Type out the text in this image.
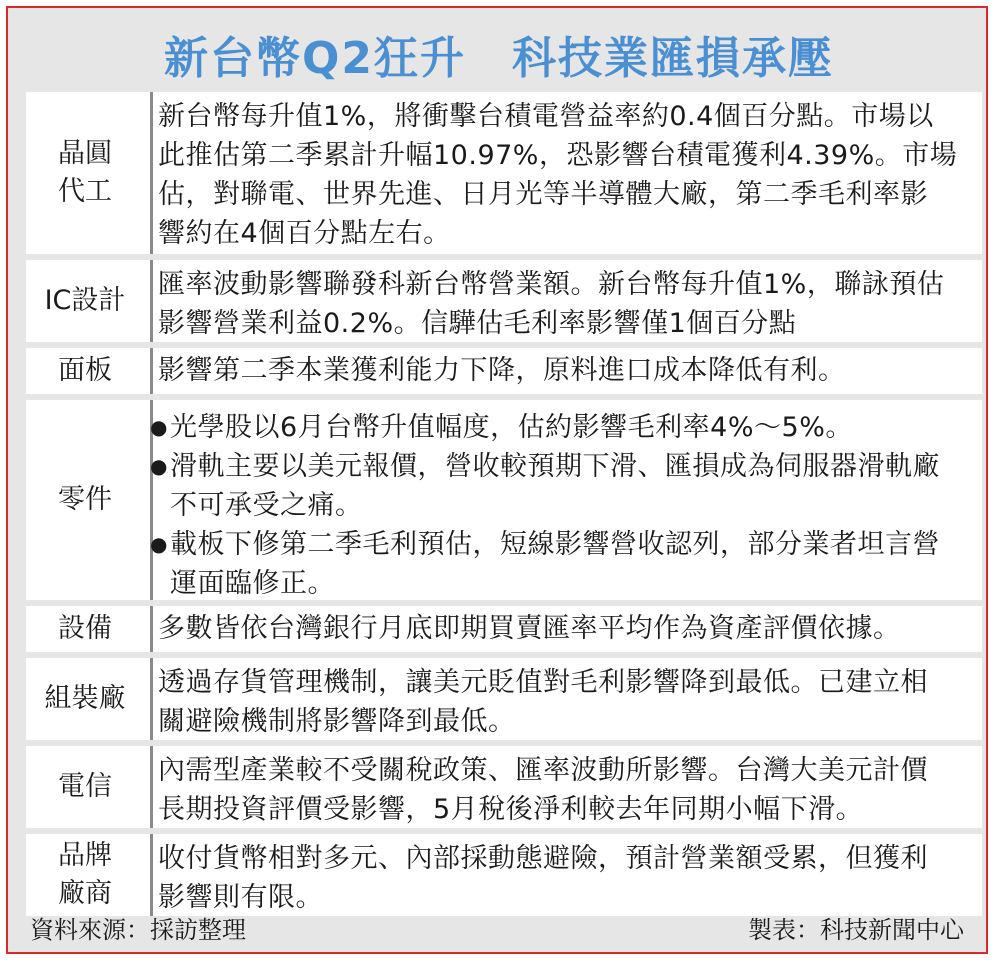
新台幣Q2狂升　科技業匯損承壓
晶圓
代工
新台幣每升值1%，將衝擊台積電營益率約0.4個百分點。市場以
此推估第二季累計升幅10.97%，恐影響台積電獲利4.39%。市場
估，對聯電、世界先進、日月光等半導體大廠，第二季毛利率影
響約在4個百分點左右。
IC設計
匯率波動影響聯發科新台幣營業額。新台幣每升值1%，聯詠預估
影響營業利益0.2%。信驊估毛利率影響僅1個百分點
面板 影響第二季本業獲利能力下降，原料進口成本降低有利。
零件
● 光學股以6月台幣升值幅度，估約影響毛利率4%～5%。
● 滑軌主要以美元報價，營收較預期下滑、匯損成為伺服器滑軌廠
不可承受之痛。
● 載板下修第二季毛利預估，短線影響營收認列，部分業者坦言營
運面臨修正。
設備 多數皆依台灣銀行月底即期買賣匯率平均作為資產評價依據。
組裝廠
透過存貨管理機制，讓美元貶值對毛利影響降到最低。已建立相
關避險機制將影響降到最低。
電信
內需型產業較不受關稅政策、匯率波動所影響。台灣大美元計價
長期投資評價受影響，5月稅後淨利較去年同期小幅下滑。
品牌
廠商
收付貨幣相對多元、內部採動態避險，預計營業額受累，但獲利
影響則有限。
資料來源：採訪整理	製表：科技新聞中心
